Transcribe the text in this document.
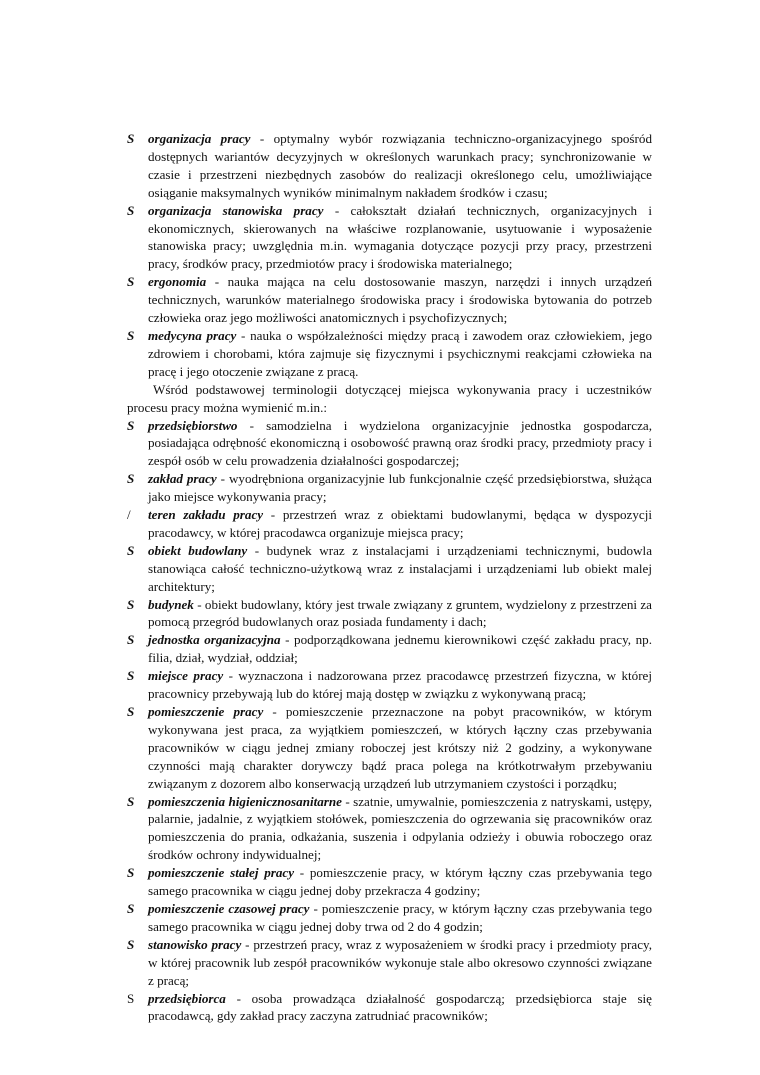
S organizacja pracy - optymalny wybór rozwiązania techniczno-organizacyjnego spośród dostępnych wariantów decyzyjnych w określonych warunkach pracy; synchronizowanie w czasie i przestrzeni niezbędnych zasobów do realizacji określonego celu, umożliwiające osiąganie maksymalnych wyników minimalnym nakładem środków i czasu;

S organizacja stanowiska pracy - całokształt działań technicznych, organizacyjnych i ekonomicznych, skierowanych na właściwe rozplanowanie, usytuowanie i wyposażenie stanowiska pracy; uwzględnia m.in. wymagania dotyczące pozycji przy pracy, przestrzeni pracy, środków pracy, przedmiotów pracy i środowiska materialnego;

S ergonomia - nauka mająca na celu dostosowanie maszyn, narzędzi i innych urządzeń technicznych, warunków materialnego środowiska pracy i środowiska bytowania do potrzeb człowieka oraz jego możliwości anatomicznych i psychofizycznych;

S medycyna pracy - nauka o współzależności między pracą i zawodem oraz człowiekiem, jego zdrowiem i chorobami, która zajmuje się fizycznymi i psychicznymi reakcjami człowieka na pracę i jego otoczenie związane z pracą.

Wśród podstawowej terminologii dotyczącej miejsca wykonywania pracy i uczestników procesu pracy można wymienić m.in.:

S przedsiębiorstwo - samodzielna i wydzielona organizacyjnie jednostka gospodarcza, posiadająca odrębność ekonomiczną i osobowość prawną oraz środki pracy, przedmioty pracy i zespół osób w celu prowadzenia działalności gospodarczej;

S zakład pracy - wyodrębniona organizacyjnie lub funkcjonalnie część przedsiębiorstwa, służąca jako miejsce wykonywania pracy;

/ teren zakładu pracy - przestrzeń wraz z obiektami budowlanymi, będąca w dyspozycji pracodawcy, w której pracodawca organizuje miejsca pracy;

S obiekt budowlany - budynek wraz z instalacjami i urządzeniami technicznymi, budowla stanowiąca całość techniczno-użytkową wraz z instalacjami i urządzeniami lub obiekt malej architektury;

S budynek - obiekt budowlany, który jest trwale związany z gruntem, wydzielony z przestrzeni za pomocą przegród budowlanych oraz posiada fundamenty i dach;

S jednostka organizacyjna - podporządkowana jednemu kierownikowi część zakładu pracy, np. filia, dział, wydział, oddział;

S miejsce pracy - wyznaczona i nadzorowana przez pracodawcę przestrzeń fizyczna, w której pracownicy przebywają lub do której mają dostęp w związku z wykonywaną pracą;

S pomieszczenie pracy - pomieszczenie przeznaczone na pobyt pracowników, w którym wykonywana jest praca, za wyjątkiem pomieszczeń, w których łączny czas przebywania pracowników w ciągu jednej zmiany roboczej jest krótszy niż 2 godziny, a wykonywane czynności mają charakter dorywczy bądź praca polega na krótkotrwałym przebywaniu związanym z dozorem albo konserwacją urządzeń lub utrzymaniem czystości i porządku;

S pomieszczenia higienicznosanitarne - szatnie, umywalnie, pomieszczenia z natryskami, ustępy, palarnie, jadalnie, z wyjątkiem stołówek, pomieszczenia do ogrzewania się pracowników oraz pomieszczenia do prania, odkażania, suszenia i odpylania odzieży i obuwia roboczego oraz środków ochrony indywidualnej;

S pomieszczenie stałej pracy - pomieszczenie pracy, w którym łączny czas przebywania tego samego pracownika w ciągu jednej doby przekracza 4 godziny;

S pomieszczenie czasowej pracy - pomieszczenie pracy, w którym łączny czas przebywania tego samego pracownika w ciągu jednej doby trwa od 2 do 4 godzin;

S stanowisko pracy - przestrzeń pracy, wraz z wyposażeniem w środki pracy i przedmioty pracy, w której pracownik lub zespół pracowników wykonuje stale albo okresowo czynności związane z pracą;

S przedsiębiorca - osoba prowadząca działalność gospodarczą; przedsiębiorca staje się pracodawcą, gdy zakład pracy zaczyna zatrudniać pracowników;
